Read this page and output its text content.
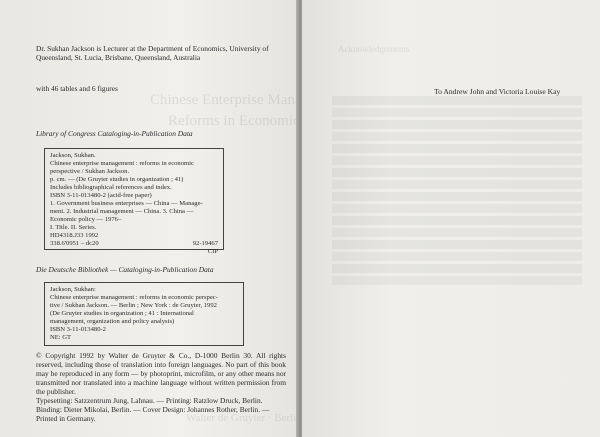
Chinese Enterprise Management
Reforms in Economic Perspective
Walter de Gruyter · Berlin · New York
Dr. Sukhan Jackson is Lecturer at the Department of Economics, University of Queensland, St. Lucia, Brisbane, Queensland, Australia
with 46 tables and 6 figures
Library of Congress Cataloging-in-Publication Data
Jackson, Sukhan.
Chinese enterprise management : reforms in economic
perspective / Sukhan Jackson.
p. cm. — (De Gruyter studies in organization ; 41)
Includes bibliographical references and index.
ISBN 3-11-013480-2 (acid-free paper)
1. Government business enterprises — China — Manage-
ment. 2. Industrial management — China. 3. China —
Economic policy — 1976–
I. Title. II. Series.
HD4318.J33 1992
338.6'0951 – dc20	92-19467
CIP
Die Deutsche Bibliothek — Cataloging-in-Publication Data
Jackson, Sukhan:
Chinese enterprise management : reforms in economic perspec-
tive / Sukhan Jackson. — Berlin ; New York : de Gruyter, 1992
(De Gruyter studies in organization ; 41 : International
management, organization and policy analysis)
ISBN 3-11-013480-2
NE: GT
© Copyright 1992 by Walter de Gruyter & Co., D-1000 Berlin 30. All rights reserved, including those of translation into foreign languages. No part of this book may be reproduced in any form — by photoprint, microfilm, or any other means nor transmitted nor translated into a machine language without written permission from the publisher.
Typesetting: Satzzentrum Jung, Lahnau. — Printing: Ratzlow Druck, Berlin.
Binding: Dieter Mikolai, Berlin. — Cover Design: Johannes Rother, Berlin. —
Printed in Germany.
Acknowledgements
To Andrew John and Victoria Louise Kay
